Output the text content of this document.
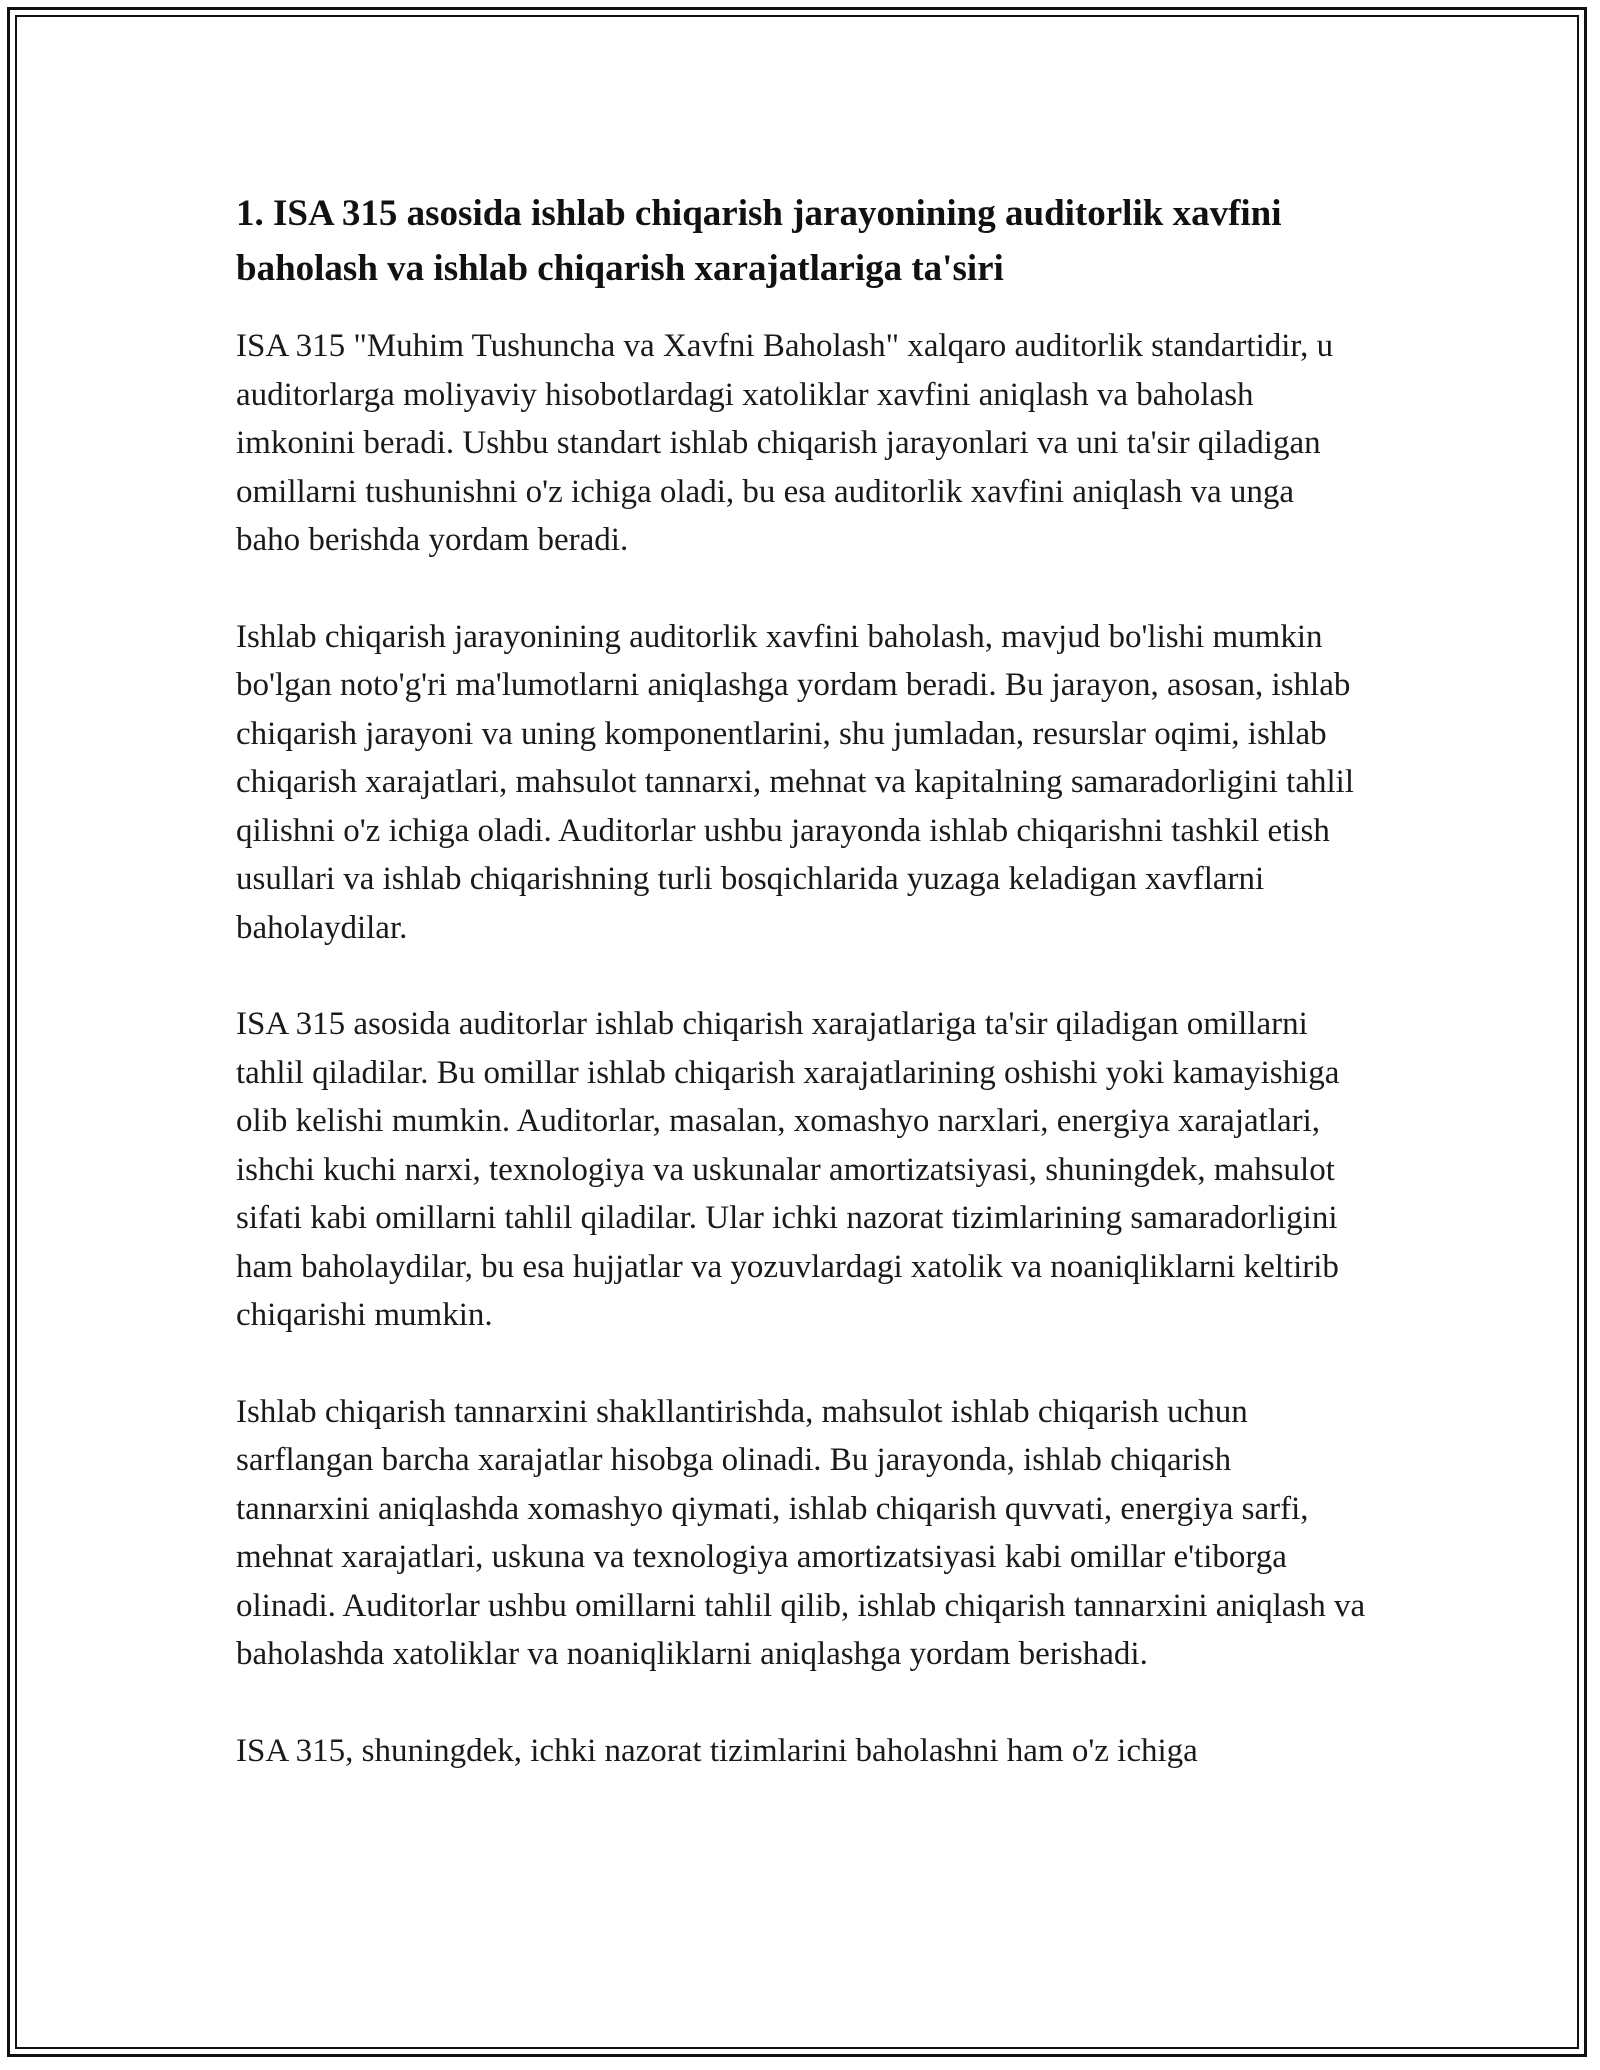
1. ISA 315 asosida ishlab chiqarish jarayonining auditorlik xavfini baholash va ishlab chiqarish xarajatlariga ta'siri

ISA 315 "Muhim Tushuncha va Xavfni Baholash" xalqaro auditorlik standartidir, u auditorlarga moliyaviy hisobotlardagi xatoliklar xavfini aniqlash va baholash imkonini beradi. Ushbu standart ishlab chiqarish jarayonlari va uni ta'sir qiladigan omillarni tushunishni o'z ichiga oladi, bu esa auditorlik xavfini aniqlash va unga baho berishda yordam beradi.

Ishlab chiqarish jarayonining auditorlik xavfini baholash, mavjud bo'lishi mumkin bo'lgan noto'g'ri ma'lumotlarni aniqlashga yordam beradi. Bu jarayon, asosan, ishlab chiqarish jarayoni va uning komponentlarini, shu jumladan, resurslar oqimi, ishlab chiqarish xarajatlari, mahsulot tannarxi, mehnat va kapitalning samaradorligini tahlil qilishni o'z ichiga oladi. Auditorlar ushbu jarayonda ishlab chiqarishni tashkil etish usullari va ishlab chiqarishning turli bosqichlarida yuzaga keladigan xavflarni baholaydilar.

ISA 315 asosida auditorlar ishlab chiqarish xarajatlariga ta'sir qiladigan omillarni tahlil qiladilar. Bu omillar ishlab chiqarish xarajatlarining oshishi yoki kamayishiga olib kelishi mumkin. Auditorlar, masalan, xomashyo narxlari, energiya xarajatlari, ishchi kuchi narxi, texnologiya va uskunalar amortizatsiyasi, shuningdek, mahsulot sifati kabi omillarni tahlil qiladilar. Ular ichki nazorat tizimlarining samaradorligini ham baholaydilar, bu esa hujjatlar va yozuvlardagi xatolik va noaniqliklarni keltirib chiqarishi mumkin.

Ishlab chiqarish tannarxini shakllantirishda, mahsulot ishlab chiqarish uchun sarflangan barcha xarajatlar hisobga olinadi. Bu jarayonda, ishlab chiqarish tannarxini aniqlashda xomashyo qiymati, ishlab chiqarish quvvati, energiya sarfi, mehnat xarajatlari, uskuna va texnologiya amortizatsiyasi kabi omillar e'tiborga olinadi. Auditorlar ushbu omillarni tahlil qilib, ishlab chiqarish tannarxini aniqlash va baholashda xatoliklar va noaniqliklarni aniqlashga yordam berishadi.

ISA 315, shuningdek, ichki nazorat tizimlarini baholashni ham o'z ichiga
